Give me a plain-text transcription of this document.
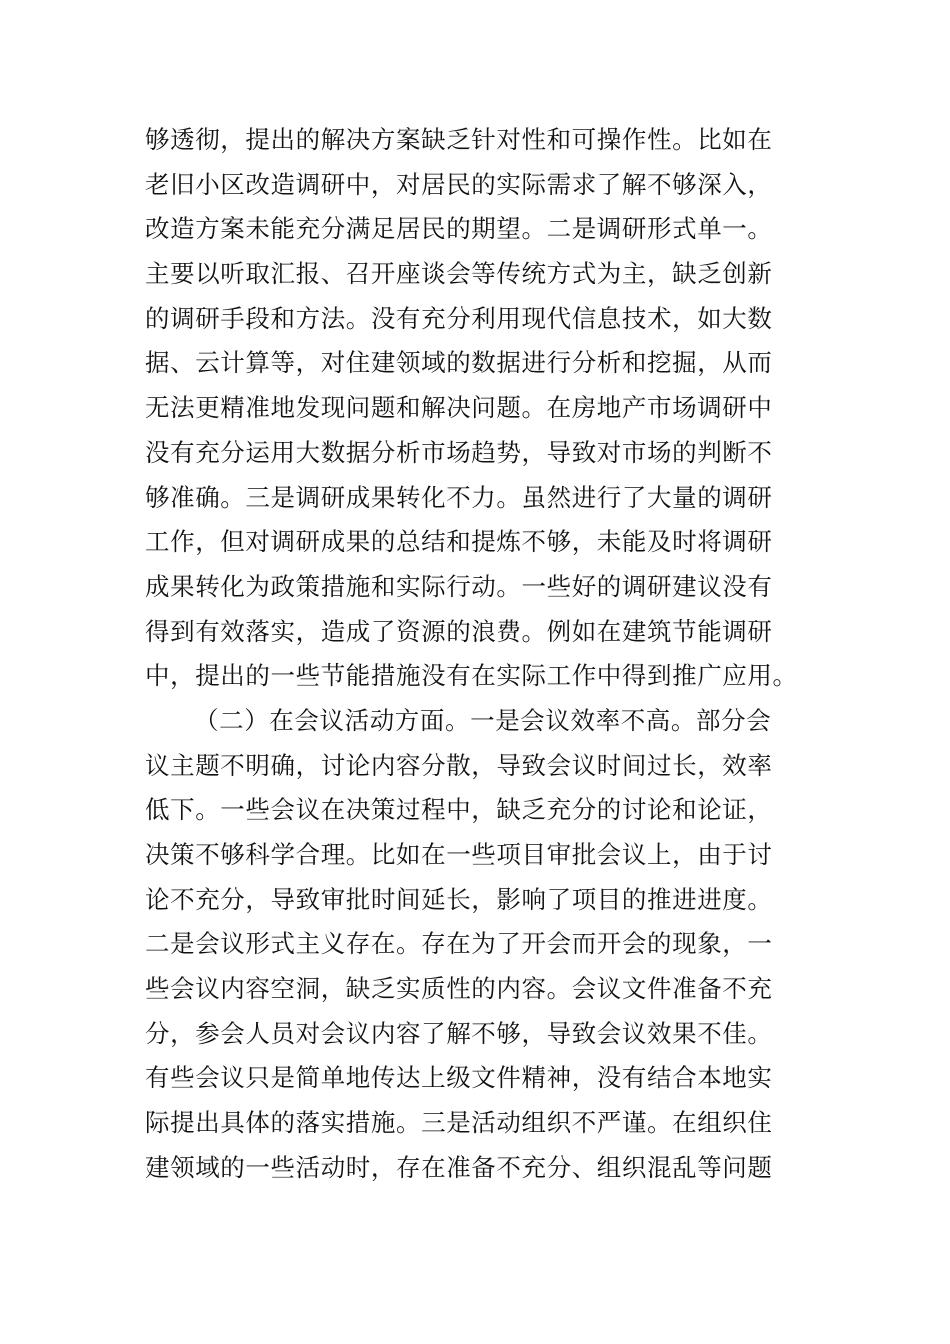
够透彻，提出的解决方案缺乏针对性和可操作性。比如在
老旧小区改造调研中，对居民的实际需求了解不够深入，
改造方案未能充分满足居民的期望。二是调研形式单一。
主要以听取汇报、召开座谈会等传统方式为主，缺乏创新
的调研手段和方法。没有充分利用现代信息技术，如大数
据、云计算等，对住建领域的数据进行分析和挖掘，从而
无法更精准地发现问题和解决问题。在房地产市场调研中
没有充分运用大数据分析市场趋势，导致对市场的判断不
够准确。三是调研成果转化不力。虽然进行了大量的调研
工作，但对调研成果的总结和提炼不够，未能及时将调研
成果转化为政策措施和实际行动。一些好的调研建议没有
得到有效落实，造成了资源的浪费。例如在建筑节能调研
中，提出的一些节能措施没有在实际工作中得到推广应用。
（二）在会议活动方面。一是会议效率不高。部分会
议主题不明确，讨论内容分散，导致会议时间过长，效率
低下。一些会议在决策过程中，缺乏充分的讨论和论证，
决策不够科学合理。比如在一些项目审批会议上，由于讨
论不充分，导致审批时间延长，影响了项目的推进进度。
二是会议形式主义存在。存在为了开会而开会的现象，一
些会议内容空洞，缺乏实质性的内容。会议文件准备不充
分，参会人员对会议内容了解不够，导致会议效果不佳。
有些会议只是简单地传达上级文件精神，没有结合本地实
际提出具体的落实措施。三是活动组织不严谨。在组织住
建领域的一些活动时，存在准备不充分、组织混乱等问题
